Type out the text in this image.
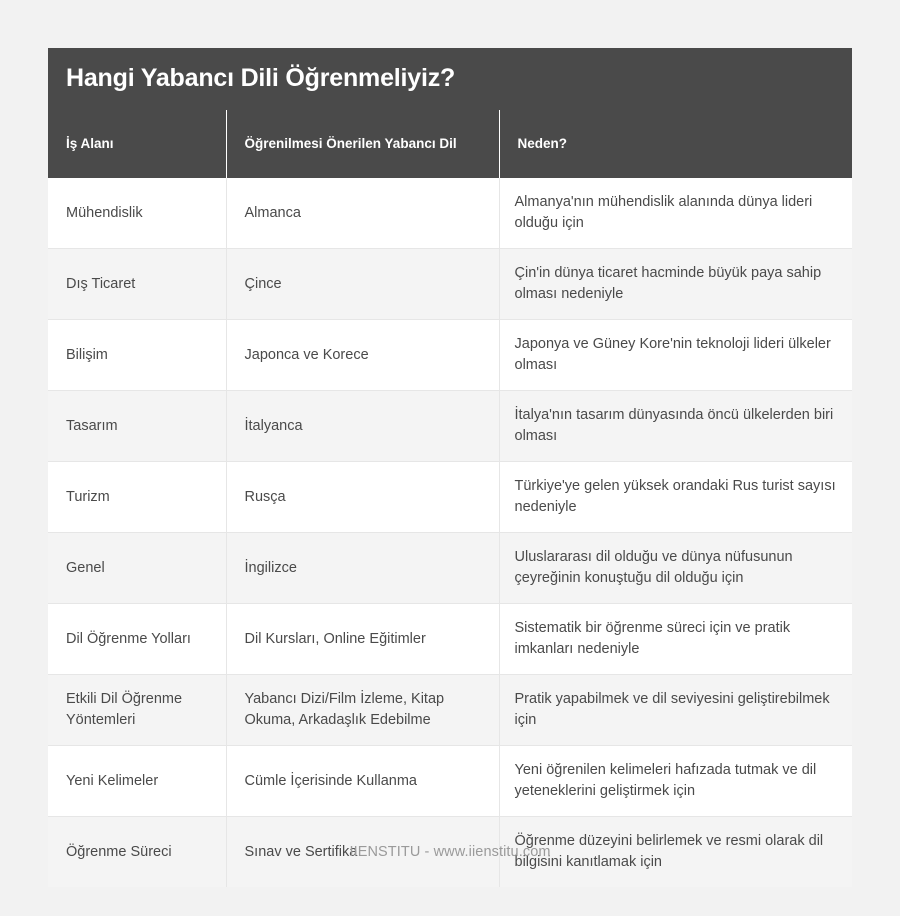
Hangi Yabancı Dili Öğrenmeliyiz?
İş Alanı	Öğrenilmesi Önerilen Yabancı Dil	Neden?
Mühendislik	Almanca	Almanya'nın mühendislik alanında dünya lideri olduğu için
Dış Ticaret	Çince	Çin'in dünya ticaret hacminde büyük paya sahip olması nedeniyle
Bilişim	Japonca ve Korece	Japonya ve Güney Kore'nin teknoloji lideri ülkeler olması
Tasarım	İtalyanca	İtalya'nın tasarım dünyasında öncü ülkelerden biri olması
Turizm	Rusça	Türkiye'ye gelen yüksek orandaki Rus turist sayısı nedeniyle
Genel	İngilizce	Uluslararası dil olduğu ve dünya nüfusunun çeyreğinin konuştuğu dil olduğu için
Dil Öğrenme Yolları	Dil Kursları, Online Eğitimler	Sistematik bir öğrenme süreci için ve pratik imkanları nedeniyle
Etkili Dil Öğrenme Yöntemleri	Yabancı Dizi/Film İzleme, Kitap Okuma, Arkadaşlık Edebilme	Pratik yapabilmek ve dil seviyesini geliştirebilmek için
Yeni Kelimeler	Cümle İçerisinde Kullanma	Yeni öğrenilen kelimeleri hafızada tutmak ve dil yeteneklerini geliştirmek için
Öğrenme Süreci	Sınav ve Sertifika	Öğrenme düzeyini belirlemek ve resmi olarak dil bilgisini kanıtlamak için
IIENSTITU - www.iienstitu.com
